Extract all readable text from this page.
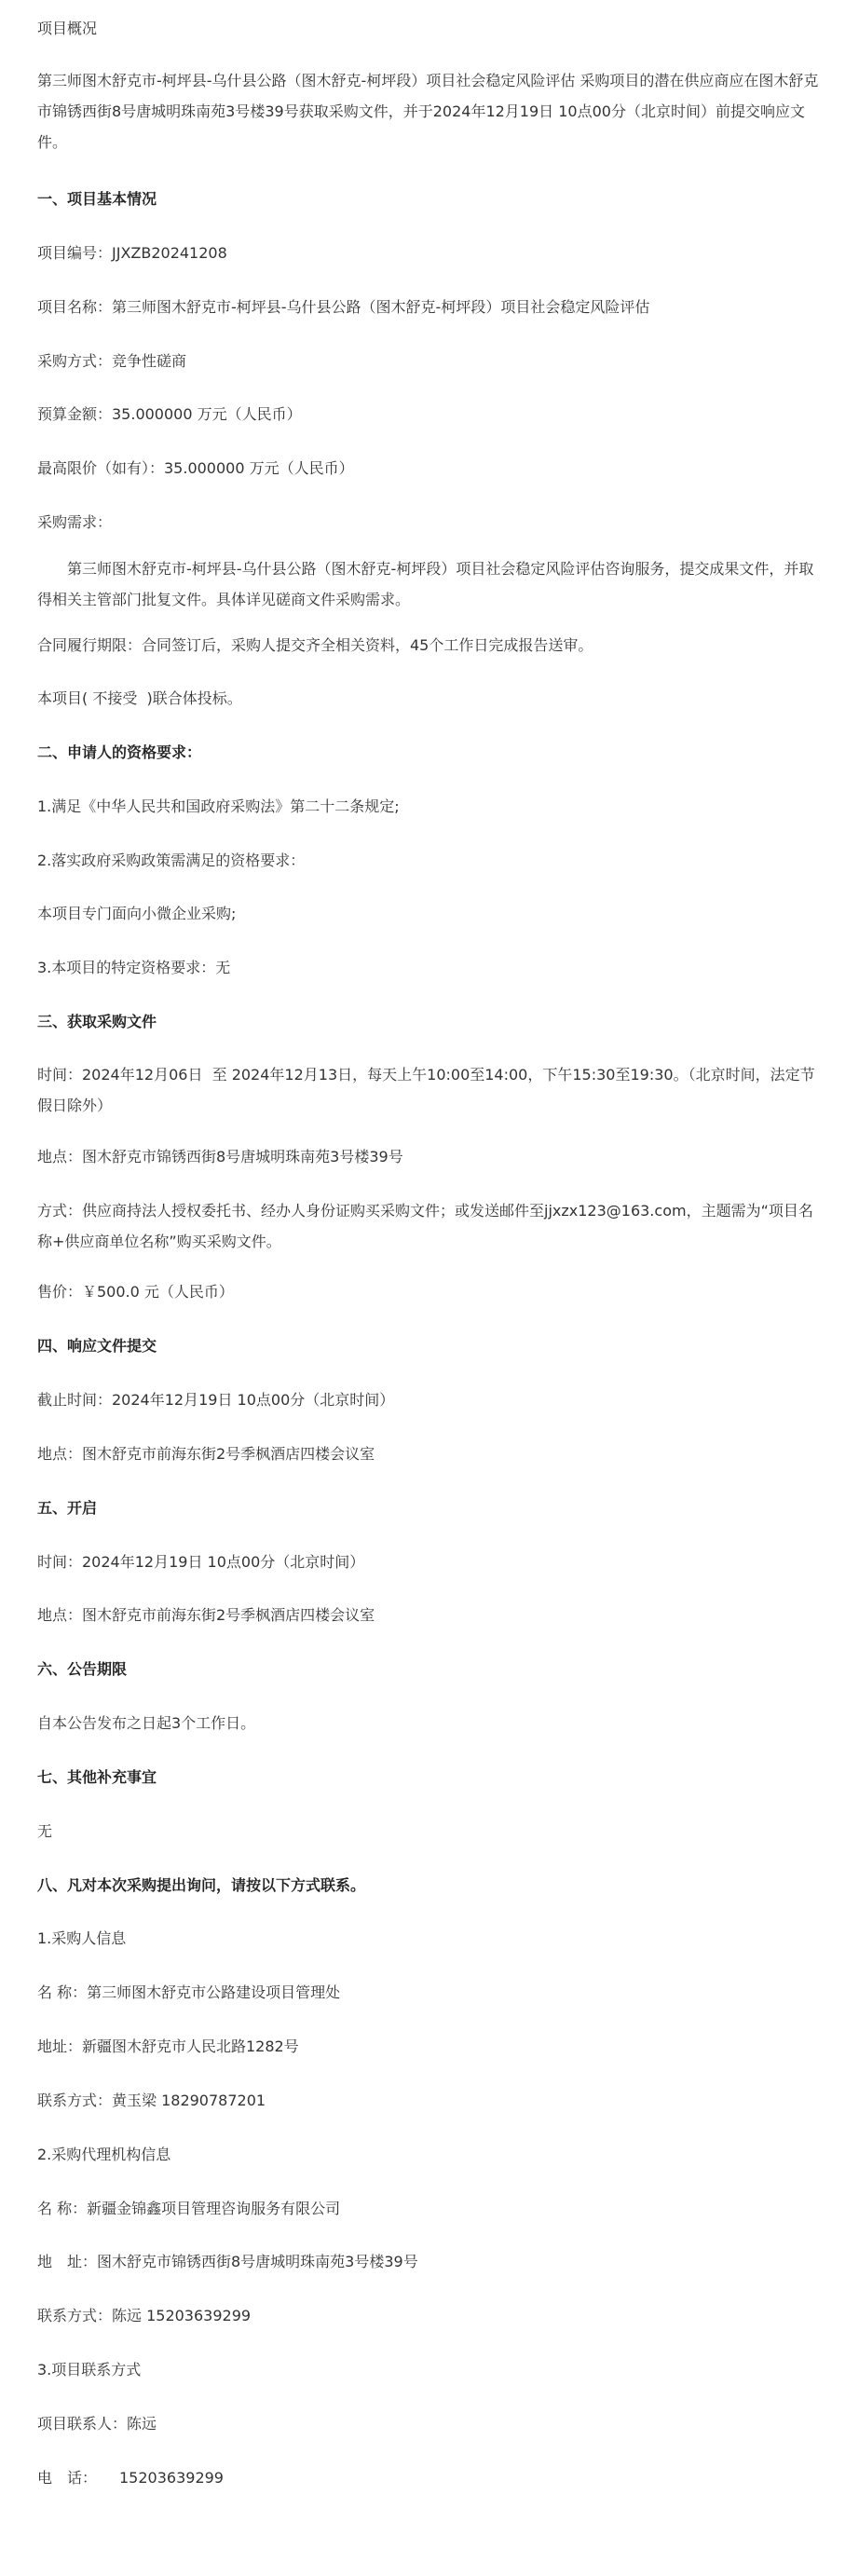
项目概况

第三师图木舒克市-柯坪县-乌什县公路（图木舒克-柯坪段）项目社会稳定风险评估 采购项目的潜在供应商应在图木舒克市锦锈西街8号唐城明珠南苑3号楼39号获取采购文件，并于2024年12月19日 10点00分（北京时间）前提交响应文件。

一、项目基本情况

项目编号：JJXZB20241208

项目名称：第三师图木舒克市-柯坪县-乌什县公路（图木舒克-柯坪段）项目社会稳定风险评估

采购方式：竞争性磋商

预算金额：35.000000 万元（人民币）

最高限价（如有）：35.000000 万元（人民币）

采购需求：

第三师图木舒克市-柯坪县-乌什县公路（图木舒克-柯坪段）项目社会稳定风险评估咨询服务，提交成果文件，并取得相关主管部门批复文件。具体详见磋商文件采购需求。

合同履行期限：合同签订后，采购人提交齐全相关资料，45个工作日完成报告送审。

本项目( 不接受  )联合体投标。

二、申请人的资格要求：

1.满足《中华人民共和国政府采购法》第二十二条规定;

2.落实政府采购政策需满足的资格要求：

本项目专门面向小微企业采购;

3.本项目的特定资格要求：无

三、获取采购文件

时间：2024年12月06日  至 2024年12月13日，每天上午10:00至14:00，下午15:30至19:30。（北京时间，法定节假日除外）

地点：图木舒克市锦锈西街8号唐城明珠南苑3号楼39号

方式：供应商持法人授权委托书、经办人身份证购买采购文件；或发送邮件至jjxzx123@163.com，主题需为“项目名称+供应商单位名称”购买采购文件。

售价：￥500.0 元（人民币）

四、响应文件提交

截止时间：2024年12月19日 10点00分（北京时间）

地点：图木舒克市前海东街2号季枫酒店四楼会议室

五、开启

时间：2024年12月19日 10点00分（北京时间）

地点：图木舒克市前海东街2号季枫酒店四楼会议室

六、公告期限

自本公告发布之日起3个工作日。

七、其他补充事宜

无

八、凡对本次采购提出询问，请按以下方式联系。

1.采购人信息

名 称：第三师图木舒克市公路建设项目管理处

地址：新疆图木舒克市人民北路1282号

联系方式：黄玉梁 18290787201

2.采购代理机构信息

名 称：新疆金锦鑫项目管理咨询服务有限公司

地　址：图木舒克市锦锈西街8号唐城明珠南苑3号楼39号

联系方式：陈远 15203639299

3.项目联系方式

项目联系人：陈远

电　话：　　15203639299
